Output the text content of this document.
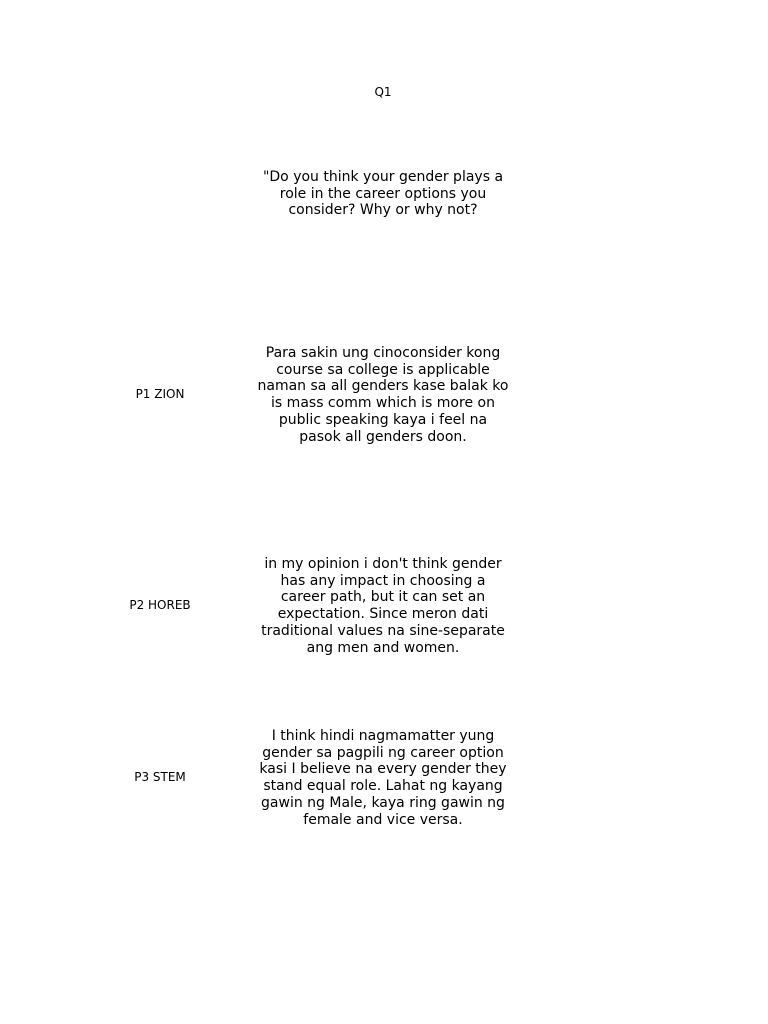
Q1
"Do you think your gender plays a
role in the career options you
consider? Why or why not?
P1 ZION
Para sakin ung cinoconsider kong
course sa college is applicable
naman sa all genders kase balak ko
is mass comm which is more on
public speaking kaya i feel na
pasok all genders doon.
P2 HOREB
in my opinion i don't think gender
has any impact in choosing a
career path, but it can set an
expectation. Since meron dati
traditional values na sine-separate
ang men and women.
P3 STEM
I think hindi nagmamatter yung
gender sa pagpili ng career option
kasi I believe na every gender they
stand equal role. Lahat ng kayang
gawin ng Male, kaya ring gawin ng
female and vice versa.
